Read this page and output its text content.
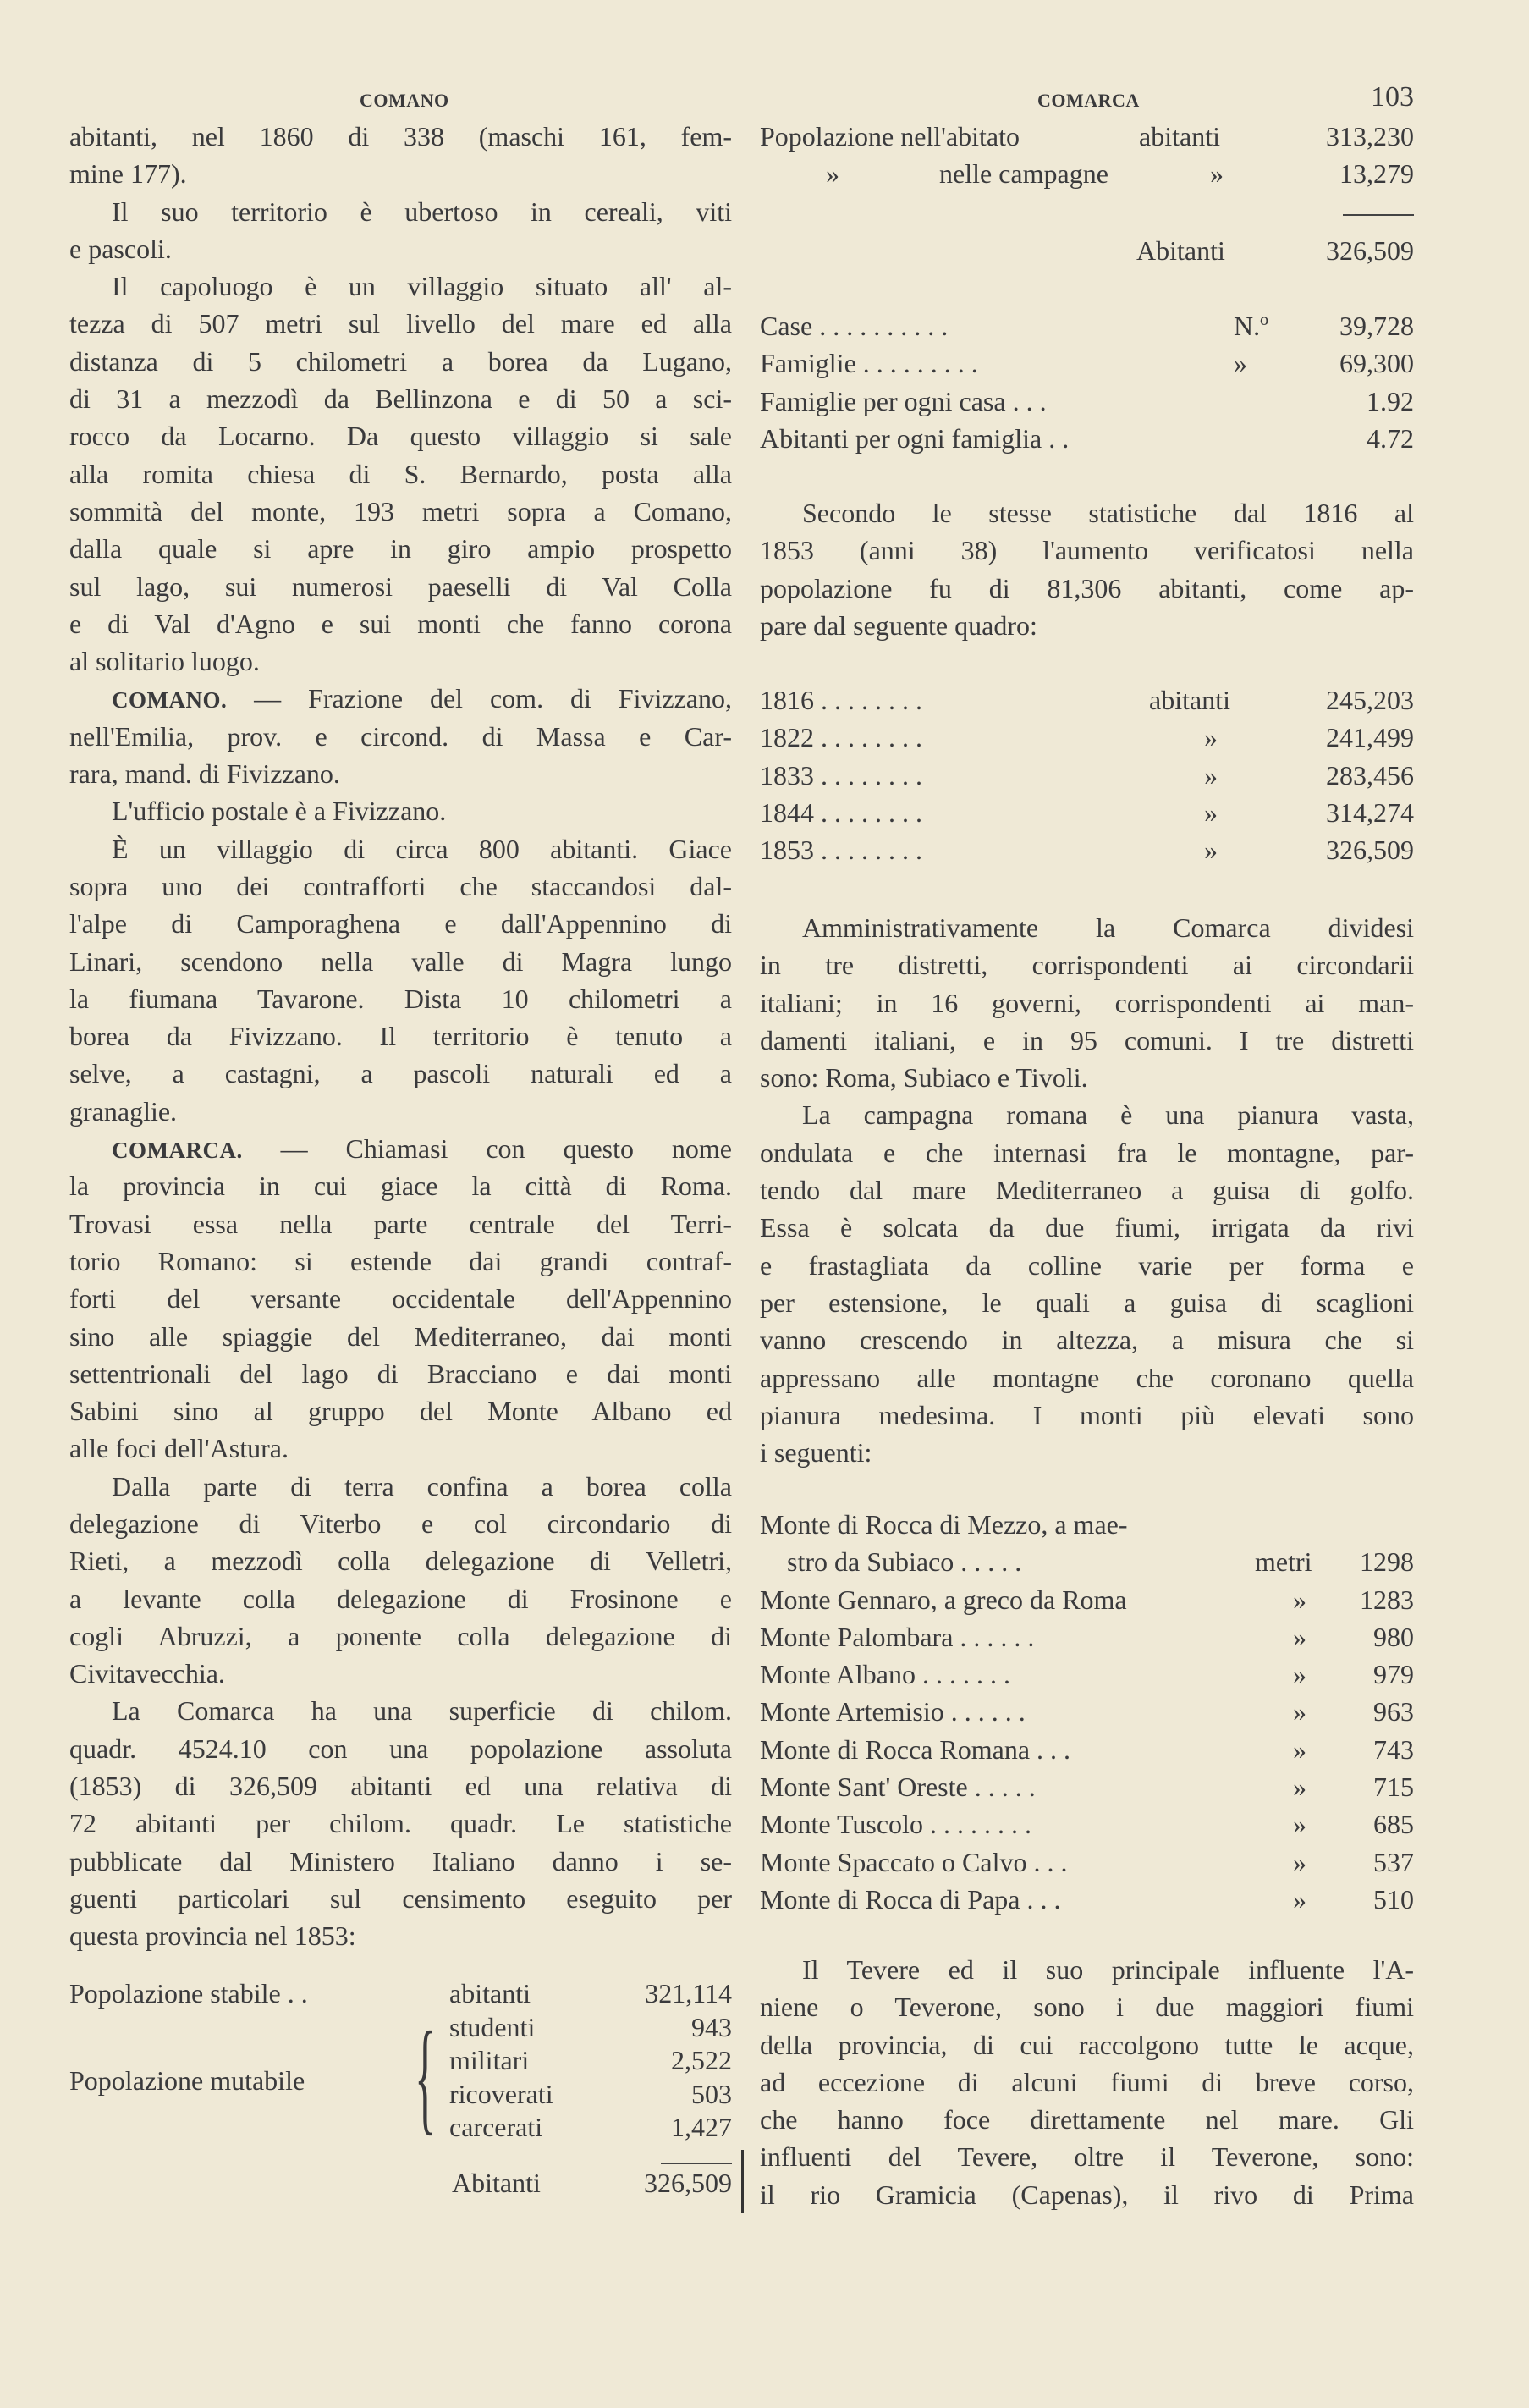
COMANO	COMARCA	103
abitanti, nel 1860 di 338 (maschi 161, fem-
mine 177).
Il suo territorio è ubertoso in cereali, viti
e pascoli.
Il capoluogo è un villaggio situato all' al-
tezza di 507 metri sul livello del mare ed alla
distanza di 5 chilometri a borea da Lugano,
di 31 a mezzodì da Bellinzona e di 50 a sci-
rocco da Locarno. Da questo villaggio si sale
alla romita chiesa di S. Bernardo, posta alla
sommità del monte, 193 metri sopra a Comano,
dalla quale si apre in giro ampio prospetto
sul lago, sui numerosi paeselli di Val Colla
e di Val d'Agno e sui monti che fanno corona
al solitario luogo.
COMANO. — Frazione del com. di Fivizzano,
nell'Emilia, prov. e circond. di Massa e Car-
rara, mand. di Fivizzano.
L'ufficio postale è a Fivizzano.
È un villaggio di circa 800 abitanti. Giace
sopra uno dei contrafforti che staccandosi dal-
l'alpe di Camporaghena e dall'Appennino di
Linari, scendono nella valle di Magra lungo
la fiumana Tavarone. Dista 10 chilometri a
borea da Fivizzano. Il territorio è tenuto a
selve, a castagni, a pascoli naturali ed a
granaglie.
COMARCA. — Chiamasi con questo nome
la provincia in cui giace la città di Roma.
Trovasi essa nella parte centrale del Terri-
torio Romano: si estende dai grandi contraf-
forti del versante occidentale dell'Appennino
sino alle spiaggie del Mediterraneo, dai monti
settentrionali del lago di Bracciano e dai monti
Sabini sino al gruppo del Monte Albano ed
alle foci dell'Astura.
Dalla parte di terra confina a borea colla
delegazione di Viterbo e col circondario di
Rieti, a mezzodì colla delegazione di Velletri,
a levante colla delegazione di Frosinone e
cogli Abruzzi, a ponente colla delegazione di
Civitavecchia.
La Comarca ha una superficie di chilom.
quadr. 4524.10 con una popolazione assoluta
(1853) di 326,509 abitanti ed una relativa di
72 abitanti per chilom. quadr. Le statistiche
pubblicate dal Ministero Italiano danno i se-
guenti particolari sul censimento eseguito per
questa provincia nel 1853:
Popolazione stabile . .	abitanti	321,114
studenti	943
militari	2,522
ricoverati	503
carcerati	1,427
Popolazione mutabile {
Abitanti	326,509
Popolazione nell'abitato	abitanti	313,230
»	nelle campagne	»	13,279
Abitanti	326,509
Case . . . . . . . . . .	N.º	39,728
Famiglie . . . . . . . . .	»	69,300
Famiglie per ogni casa . . .	1.92
Abitanti per ogni famiglia . .	4.72
Secondo le stesse statistiche dal 1816 al
1853 (anni 38) l'aumento verificatosi nella
popolazione fu di 81,306 abitanti, come ap-
pare dal seguente quadro:
1816 . . . . . . . .	abitanti	245,203
1822 . . . . . . . .	»	241,499
1833 . . . . . . . .	»	283,456
1844 . . . . . . . .	»	314,274
1853 . . . . . . . .	»	326,509
Amministrativamente la Comarca dividesi
in tre distretti, corrispondenti ai circondarii
italiani; in 16 governi, corrispondenti ai man-
damenti italiani, e in 95 comuni. I tre distretti
sono: Roma, Subiaco e Tivoli.
La campagna romana è una pianura vasta,
ondulata e che internasi fra le montagne, par-
tendo dal mare Mediterraneo a guisa di golfo.
Essa è solcata da due fiumi, irrigata da rivi
e frastagliata da colline varie per forma e
per estensione, le quali a guisa di scaglioni
vanno crescendo in altezza, a misura che si
appressano alle montagne che coronano quella
pianura medesima. I monti più elevati sono
i seguenti:
Monte di Rocca di Mezzo, a mae-
stro da Subiaco . . . . .	metri 1298
Monte Gennaro, a greco da Roma	» 1283
Monte Palombara . . . . . .	» 980
Monte Albano . . . . . . .	» 979
Monte Artemisio . . . . . .	» 963
Monte di Rocca Romana . . .	» 743
Monte Sant' Oreste . . . . .	» 715
Monte Tuscolo . . . . . . . .	» 685
Monte Spaccato o Calvo . . .	» 537
Monte di Rocca di Papa . . .	» 510
Il Tevere ed il suo principale influente l'A-
niene o Teverone, sono i due maggiori fiumi
della provincia, di cui raccolgono tutte le acque,
ad eccezione di alcuni fiumi di breve corso,
che hanno foce direttamente nel mare. Gli
influenti del Tevere, oltre il Teverone, sono:
il rio Gramicia (Capenas), il rivo di Prima
